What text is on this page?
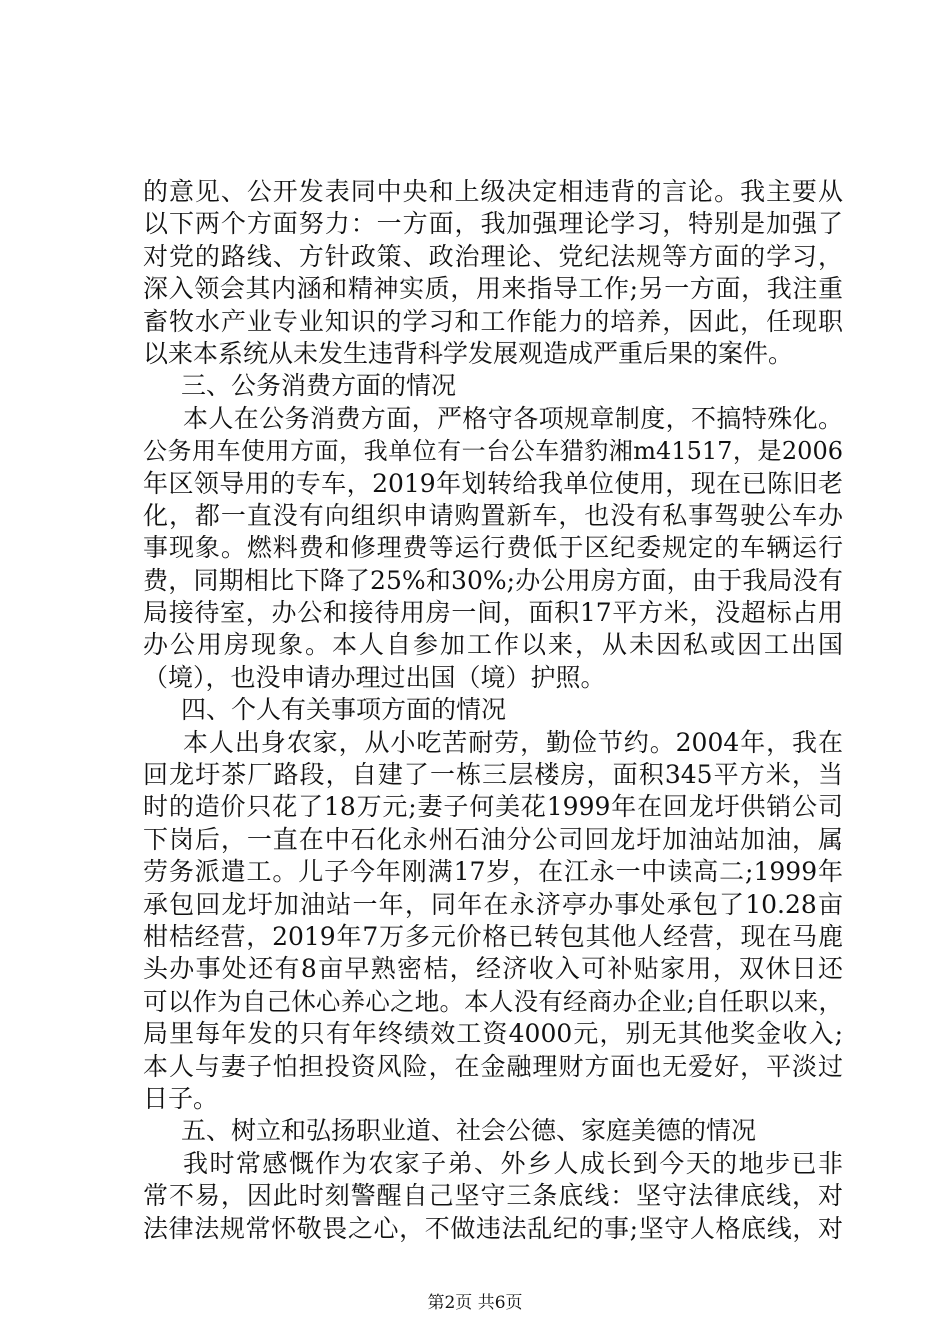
的意见、公开发表同中央和上级决定相违背的言论。我主要从
以下两个方面努力：一方面，我加强理论学习，特别是加强了
对党的路线、方针政策、政治理论、党纪法规等方面的学习，
深入领会其内涵和精神实质，用来指导工作;另一方面，我注重
畜牧水产业专业知识的学习和工作能力的培养，因此，任现职
以来本系统从未发生违背科学发展观造成严重后果的案件。
三、公务消费方面的情况
本人在公务消费方面，严格守各项规章制度，不搞特殊化。
公务用车使用方面，我单位有一台公车猎豹湘m41517，是2006
年区领导用的专车，2019年划转给我单位使用，现在已陈旧老
化，都一直没有向组织申请购置新车，也没有私事驾驶公车办
事现象。燃料费和修理费等运行费低于区纪委规定的车辆运行
费，同期相比下降了25%和30%;办公用房方面，由于我局没有
局接待室，办公和接待用房一间，面积17平方米，没超标占用
办公用房现象。本人自参加工作以来，从未因私或因工出国
（境），也没申请办理过出国（境）护照。
四、个人有关事项方面的情况
本人出身农家，从小吃苦耐劳，勤俭节约。2004年，我在
回龙圩茶厂路段，自建了一栋三层楼房，面积345平方米，当
时的造价只花了18万元;妻子何美花1999年在回龙圩供销公司
下岗后，一直在中石化永州石油分公司回龙圩加油站加油，属
劳务派遣工。儿子今年刚满17岁，在江永一中读高二;1999年
承包回龙圩加油站一年，同年在永济亭办事处承包了10.28亩
柑桔经营，2019年7万多元价格已转包其他人经营，现在马鹿
头办事处还有8亩早熟密桔，经济收入可补贴家用，双休日还
可以作为自己休心养心之地。本人没有经商办企业;自任职以来，
局里每年发的只有年终绩效工资4000元，别无其他奖金收入;
本人与妻子怕担投资风险，在金融理财方面也无爱好，平淡过
日子。
五、树立和弘扬职业道、社会公德、家庭美德的情况
我时常感慨作为农家子弟、外乡人成长到今天的地步已非
常不易，因此时刻警醒自己坚守三条底线：坚守法律底线，对
法律法规常怀敬畏之心，不做违法乱纪的事;坚守人格底线，对
第2页 共6页
